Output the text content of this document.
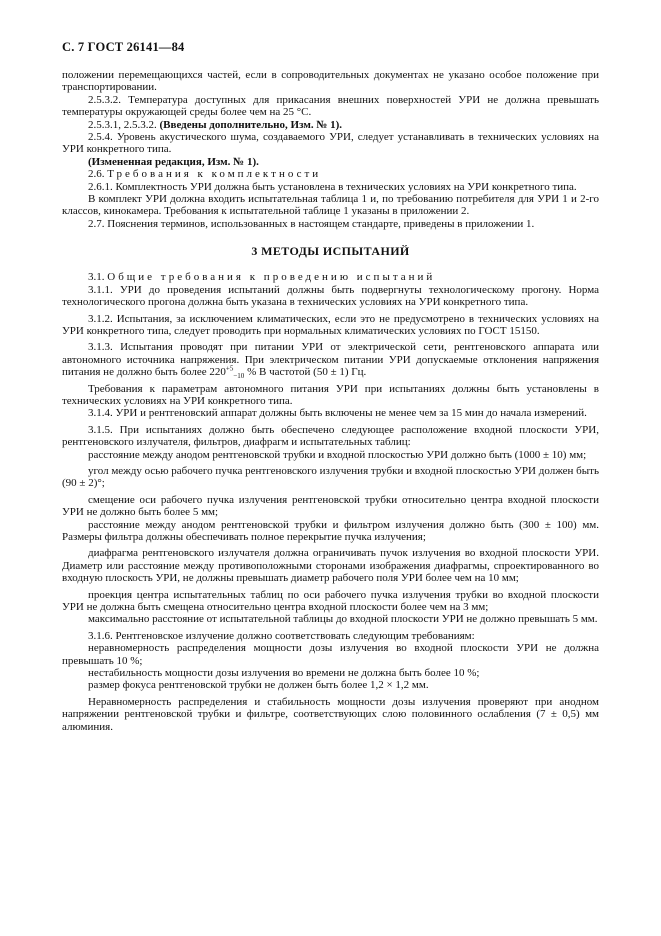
С. 7 ГОСТ 26141—84

положении перемещающихся частей, если в сопроводительных документах не указано особое положение при транспортировании.

2.5.3.2. Температура доступных для прикасания внешних поверхностей УРИ не должна превышать температуры окружающей среды более чем на 25 °С.

2.5.3.1, 2.5.3.2. (Введены дополнительно, Изм. № 1).

2.5.4. Уровень акустического шума, создаваемого УРИ, следует устанавливать в технических условиях на УРИ конкретного типа.

(Измененная редакция, Изм. № 1).

2.6. Требования к комплектности

2.6.1. Комплектность УРИ должна быть установлена в технических условиях на УРИ конкретного типа.

В комплект УРИ должна входить испытательная таблица 1 и, по требованию потребителя для УРИ 1 и 2-го классов, кинокамера. Требования к испытательной таблице 1 указаны в приложении 2.

2.7. Пояснения терминов, использованных в настоящем стандарте, приведены в приложении 1.

3 МЕТОДЫ ИСПЫТАНИЙ

3.1. Общие требования к проведению испытаний

3.1.1. УРИ до проведения испытаний должны быть подвергнуты технологическому прогону. Норма технологического прогона должна быть указана в технических условиях на УРИ конкретного типа.

3.1.2. Испытания, за исключением климатических, если это не предусмотрено в технических условиях на УРИ конкретного типа, следует проводить при нормальных климатических условиях по ГОСТ 15150.

3.1.3. Испытания проводят при питании УРИ от электрической сети, рентгеновского аппарата или автономного источника напряжения. При электрическом питании УРИ допускаемые отклонения напряжения питания не должно быть более $220^{+5}_{-10}$ % В частотой (50 ± 1) Гц.

Требования к параметрам автономного питания УРИ при испытаниях должны быть установлены в технических условиях на УРИ конкретного типа.

3.1.4. УРИ и рентгеновский аппарат должны быть включены не менее чем за 15 мин до начала измерений.

3.1.5. При испытаниях должно быть обеспечено следующее расположение входной плоскости УРИ, рентгеновского излучателя, фильтров, диафрагм и испытательных таблиц:

расстояние между анодом рентгеновской трубки и входной плоскостью УРИ должно быть (1000 ± 10) мм;

угол между осью рабочего пучка рентгеновского излучения трубки и входной плоскостью УРИ должен быть (90 ± 2)°;

смещение оси рабочего пучка излучения рентгеновской трубки относительно центра входной плоскости УРИ не должно быть более 5 мм;

расстояние между анодом рентгеновской трубки и фильтром излучения должно быть (300 ± 100) мм. Размеры фильтра должны обеспечивать полное перекрытие пучка излучения;

диафрагма рентгеновского излучателя должна ограничивать пучок излучения во входной плоскости УРИ. Диаметр или расстояние между противоположными сторонами изображения диафрагмы, спроектированного во входную плоскость УРИ, не должны превышать диаметр рабочего поля УРИ более чем на 10 мм;

проекция центра испытательных таблиц по оси рабочего пучка излучения трубки во входной плоскости УРИ не должна быть смещена относительно центра входной плоскости более чем на 3 мм;

максимально расстояние от испытательной таблицы до входной плоскости УРИ не должно превышать 5 мм.

3.1.6. Рентгеновское излучение должно соответствовать следующим требованиям:

неравномерность распределения мощности дозы излучения во входной плоскости УРИ не должна превышать 10 %;

нестабильность мощности дозы излучения во времени не должна быть более 10 %;

размер фокуса рентгеновской трубки не должен быть более 1,2 × 1,2 мм.

Неравномерность распределения и стабильность мощности дозы излучения проверяют при анодном напряжении рентгеновской трубки и фильтре, соответствующих слою половинного ослабления (7 ± 0,5) мм алюминия.
